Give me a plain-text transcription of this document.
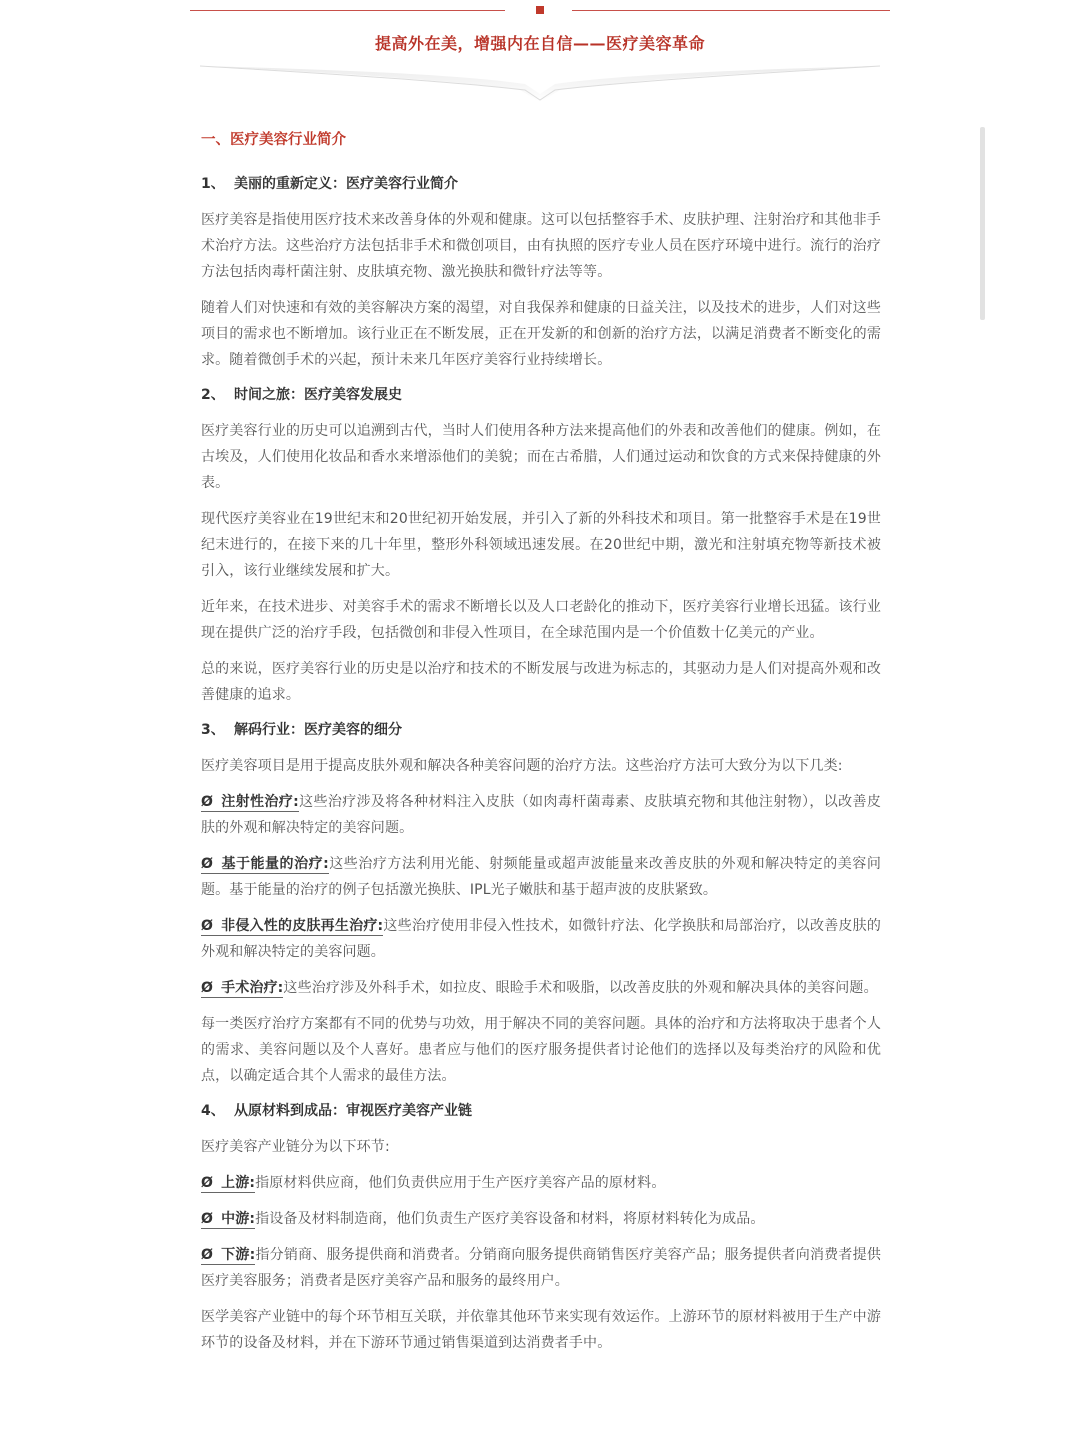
提高外在美，增强内在自信——医疗美容革命
一、医疗美容行业简介
1、 美丽的重新定义：医疗美容行业简介

医疗美容是指使用医疗技术来改善身体的外观和健康。这可以包括整容手术、皮肤护理、注射治疗和其他非手术治疗方法。这些治疗方法包括非手术和微创项目，由有执照的医疗专业人员在医疗环境中进行。流行的治疗方法包括肉毒杆菌注射、皮肤填充物、激光换肤和微针疗法等等。

随着人们对快速和有效的美容解决方案的渴望，对自我保养和健康的日益关注，以及技术的进步，人们对这些项目的需求也不断增加。该行业正在不断发展，正在开发新的和创新的治疗方法，以满足消费者不断变化的需求。随着微创手术的兴起，预计未来几年医疗美容行业持续增长。

2、 时间之旅：医疗美容发展史

医疗美容行业的历史可以追溯到古代，当时人们使用各种方法来提高他们的外表和改善他们的健康。例如，在古埃及，人们使用化妆品和香水来增添他们的美貌；而在古希腊，人们通过运动和饮食的方式来保持健康的外表。

现代医疗美容业在19世纪末和20世纪初开始发展，并引入了新的外科技术和项目。第一批整容手术是在19世纪末进行的，在接下来的几十年里，整形外科领域迅速发展。在20世纪中期，激光和注射填充物等新技术被引入，该行业继续发展和扩大。

近年来，在技术进步、对美容手术的需求不断增长以及人口老龄化的推动下，医疗美容行业增长迅猛。该行业现在提供广泛的治疗手段，包括微创和非侵入性项目，在全球范围内是一个价值数十亿美元的产业。

总的来说，医疗美容行业的历史是以治疗和技术的不断发展与改进为标志的，其驱动力是人们对提高外观和改善健康的追求。

3、 解码行业：医疗美容的细分

医疗美容项目是用于提高皮肤外观和解决各种美容问题的治疗方法。这些治疗方法可大致分为以下几类:

Ø 注射性治疗:这些治疗涉及将各种材料注入皮肤（如肉毒杆菌毒素、皮肤填充物和其他注射物），以改善皮肤的外观和解决特定的美容问题。

Ø 基于能量的治疗:这些治疗方法利用光能、射频能量或超声波能量来改善皮肤的外观和解决特定的美容问题。基于能量的治疗的例子包括激光换肤、IPL光子嫩肤和基于超声波的皮肤紧致。

Ø 非侵入性的皮肤再生治疗:这些治疗使用非侵入性技术，如微针疗法、化学换肤和局部治疗，以改善皮肤的外观和解决特定的美容问题。

Ø 手术治疗:这些治疗涉及外科手术，如拉皮、眼睑手术和吸脂，以改善皮肤的外观和解决具体的美容问题。

每一类医疗治疗方案都有不同的优势与功效，用于解决不同的美容问题。具体的治疗和方法将取决于患者个人的需求、美容问题以及个人喜好。患者应与他们的医疗服务提供者讨论他们的选择以及每类治疗的风险和优点，以确定适合其个人需求的最佳方法。

4、 从原材料到成品：审视医疗美容产业链

医疗美容产业链分为以下环节:

Ø 上游:指原材料供应商，他们负责供应用于生产医疗美容产品的原材料。

Ø 中游:指设备及材料制造商，他们负责生产医疗美容设备和材料，将原材料转化为成品。

Ø 下游:指分销商、服务提供商和消费者。分销商向服务提供商销售医疗美容产品；服务提供者向消费者提供医疗美容服务；消费者是医疗美容产品和服务的最终用户。

医学美容产业链中的每个环节相互关联，并依靠其他环节来实现有效运作。上游环节的原材料被用于生产中游环节的设备及材料，并在下游环节通过销售渠道到达消费者手中。
